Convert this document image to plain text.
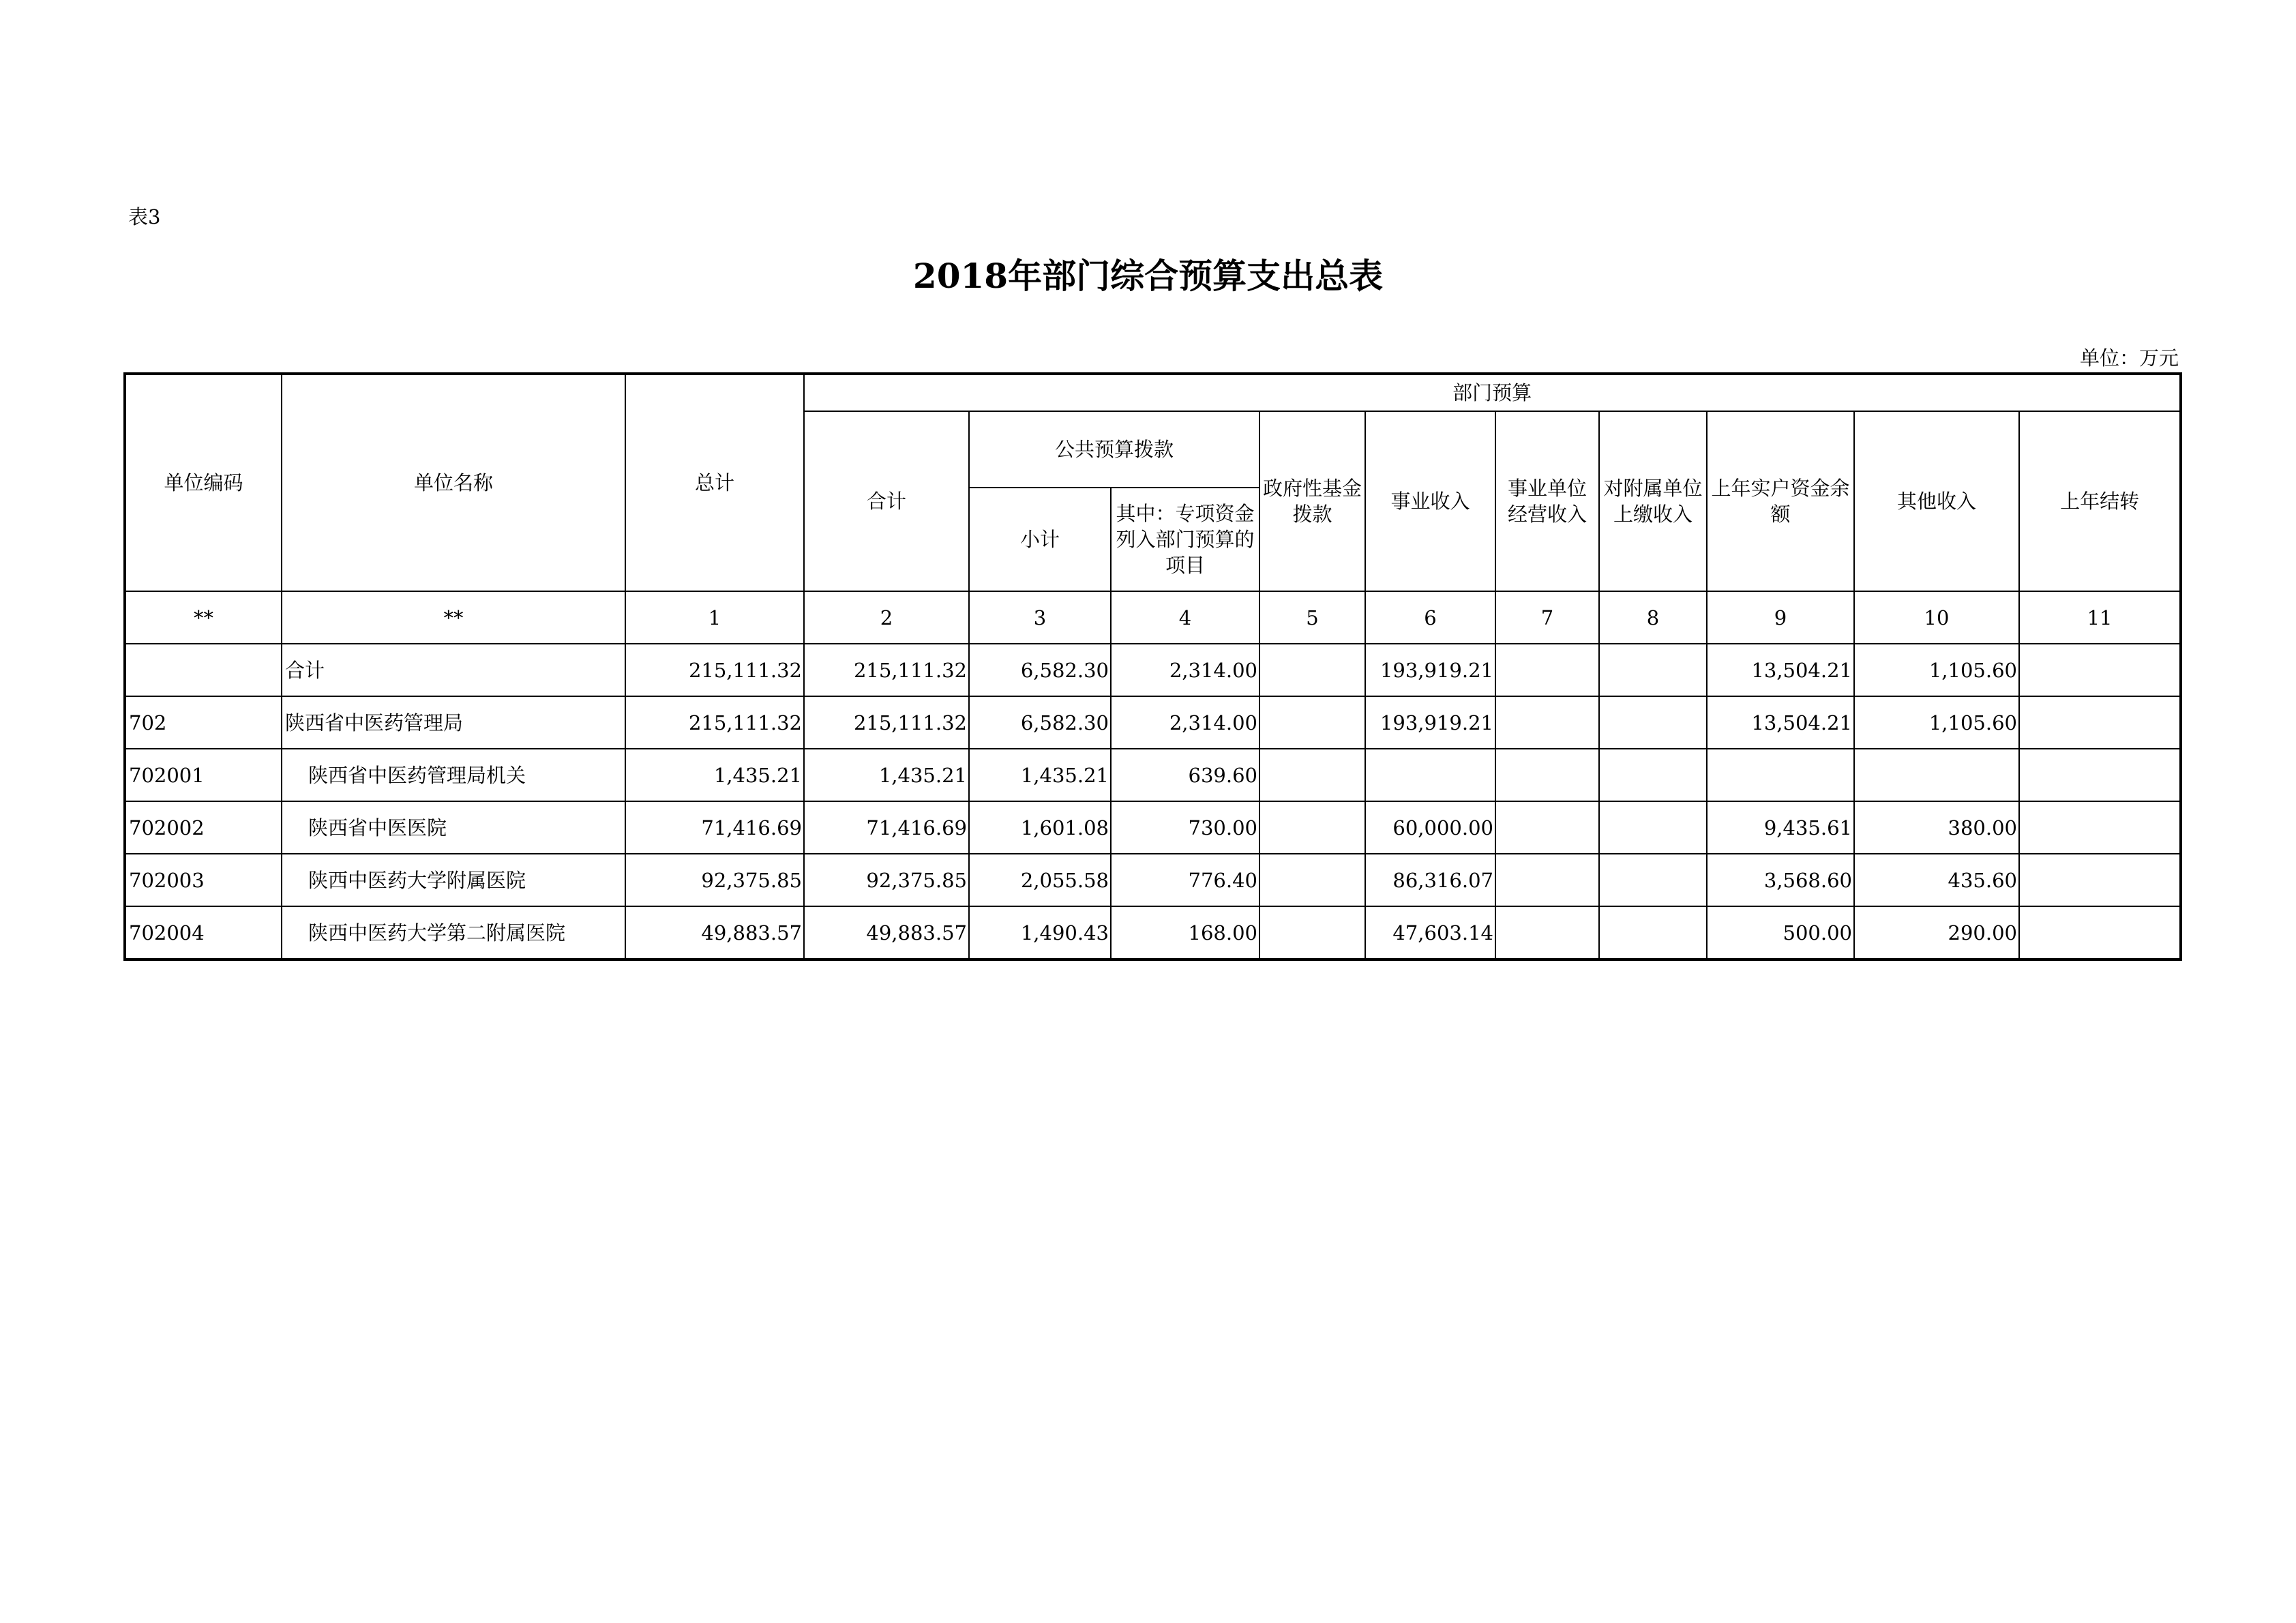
表3
2018年部门综合预算支出总表
单位：万元
单位编码	单位名称	总计	部门预算									
			合计	公共预算拨款		政府性基金拨款	事业收入	事业单位经营收入	对附属单位上缴收入	上年实户资金余额	其他收入	上年结转
				小计	其中：专项资金列入部门预算的项目							
**	**	1	2	3	4	5	6	7	8	9	10	11
	合计	215,111.32	215,111.32	6,582.30	2,314.00		193,919.21			13,504.21	1,105.60	
702	陕西省中医药管理局	215,111.32	215,111.32	6,582.30	2,314.00		193,919.21			13,504.21	1,105.60	
702001	陕西省中医药管理局机关	1,435.21	1,435.21	1,435.21	639.60							
702002	陕西省中医医院	71,416.69	71,416.69	1,601.08	730.00		60,000.00			9,435.61	380.00	
702003	陕西中医药大学附属医院	92,375.85	92,375.85	2,055.58	776.40		86,316.07			3,568.60	435.60	
702004	陕西中医药大学第二附属医院	49,883.57	49,883.57	1,490.43	168.00		47,603.14			500.00	290.00	
